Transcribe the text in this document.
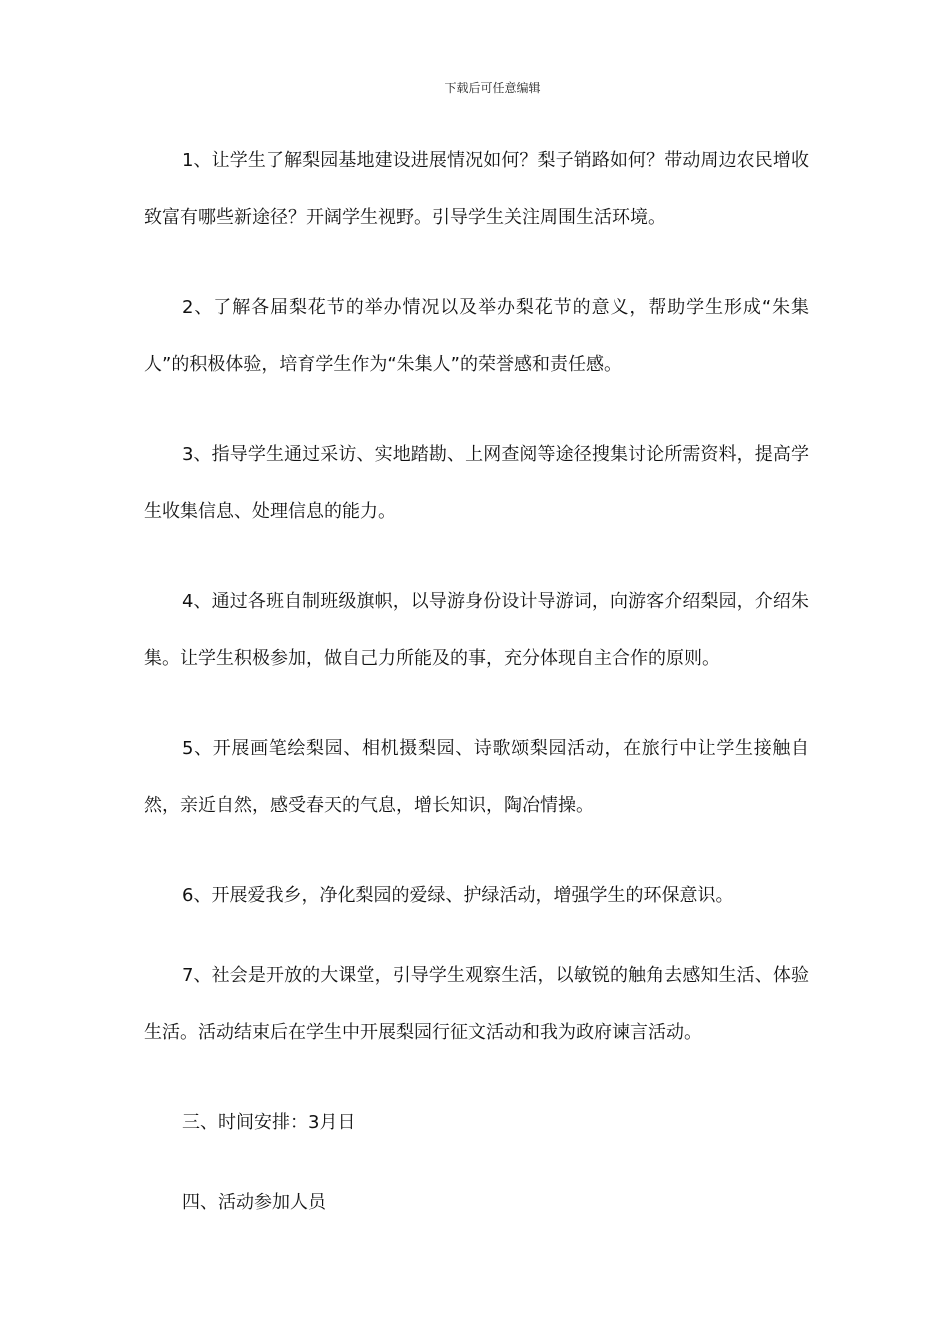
下载后可任意编辑

1、让学生了解梨园基地建设进展情况如何？梨子销路如何？带动周边农民增收致富有哪些新途径？开阔学生视野。引导学生关注周围生活环境。

2、了解各届梨花节的举办情况以及举办梨花节的意义，帮助学生形成“朱集人”的积极体验，培育学生作为“朱集人”的荣誉感和责任感。

3、指导学生通过采访、实地踏勘、上网查阅等途径搜集讨论所需资料，提高学生收集信息、处理信息的能力。

4、通过各班自制班级旗帜，以导游身份设计导游词，向游客介绍梨园，介绍朱集。让学生积极参加，做自己力所能及的事，充分体现自主合作的原则。

5、开展画笔绘梨园、相机摄梨园、诗歌颂梨园活动，在旅行中让学生接触自然，亲近自然，感受春天的气息，增长知识，陶冶情操。

6、开展爱我乡，净化梨园的爱绿、护绿活动，增强学生的环保意识。

7、社会是开放的大课堂，引导学生观察生活，以敏锐的触角去感知生活、体验生活。活动结束后在学生中开展梨园行征文活动和我为政府谏言活动。

三、时间安排：3月日

四、活动参加人员
